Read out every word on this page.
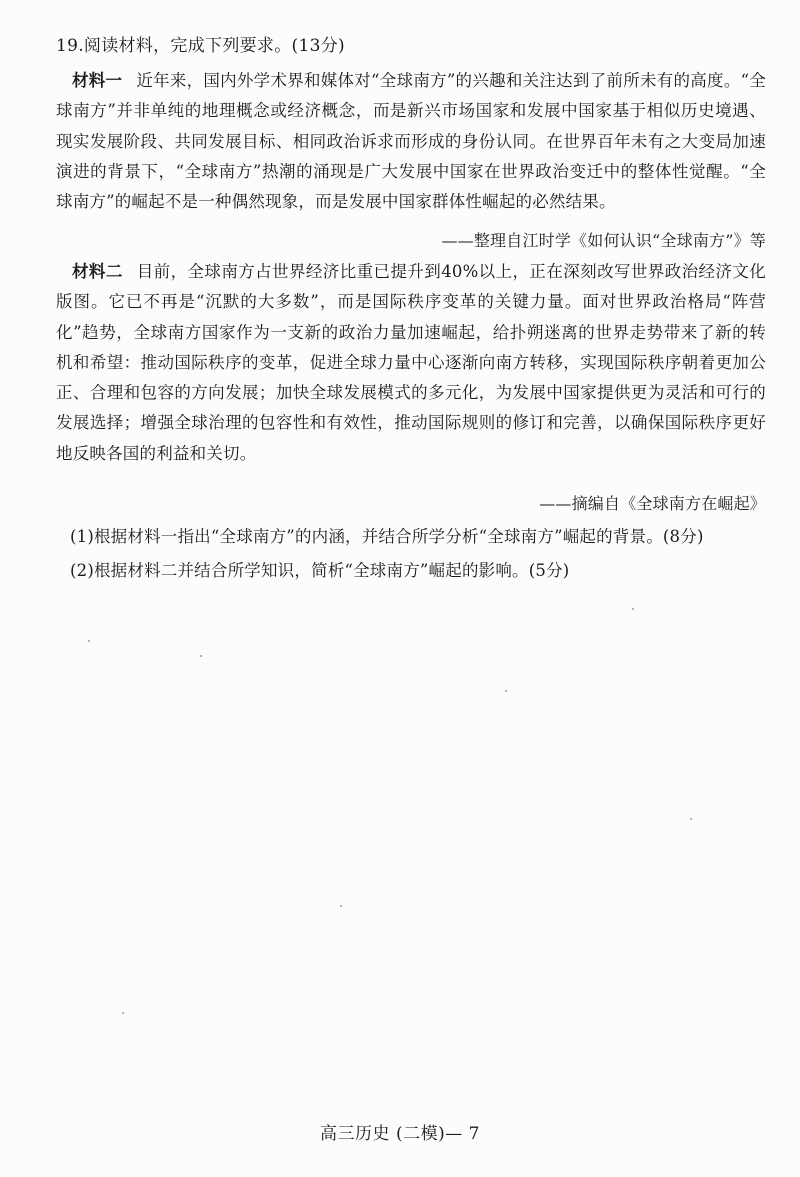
19.阅读材料，完成下列要求。(13分)
材料一 近年来，国内外学术界和媒体对“全球南方”的兴趣和关注达到了前所未有的高度。“全球南方”并非单纯的地理概念或经济概念，而是新兴市场国家和发展中国家基于相似历史境遇、现实发展阶段、共同发展目标、相同政治诉求而形成的身份认同。在世界百年未有之大变局加速演进的背景下，“全球南方”热潮的涌现是广大发展中国家在世界政治变迁中的整体性觉醒。“全球南方”的崛起不是一种偶然现象，而是发展中国家群体性崛起的必然结果。
——整理自江时学《如何认识“全球南方”》等
材料二 目前，全球南方占世界经济比重已提升到40%以上，正在深刻改写世界政治经济文化版图。它已不再是“沉默的大多数”，而是国际秩序变革的关键力量。面对世界政治格局“阵营化”趋势，全球南方国家作为一支新的政治力量加速崛起，给扑朔迷离的世界走势带来了新的转机和希望：推动国际秩序的变革，促进全球力量中心逐渐向南方转移，实现国际秩序朝着更加公正、合理和包容的方向发展；加快全球发展模式的多元化，为发展中国家提供更为灵活和可行的发展选择；增强全球治理的包容性和有效性，推动国际规则的修订和完善，以确保国际秩序更好地反映各国的利益和关切。
——摘编自《全球南方在崛起》
(1)根据材料一指出“全球南方”的内涵，并结合所学分析“全球南方”崛起的背景。(8分)
(2)根据材料二并结合所学知识，简析“全球南方”崛起的影响。(5分)
高三历史 (二模)— 7
